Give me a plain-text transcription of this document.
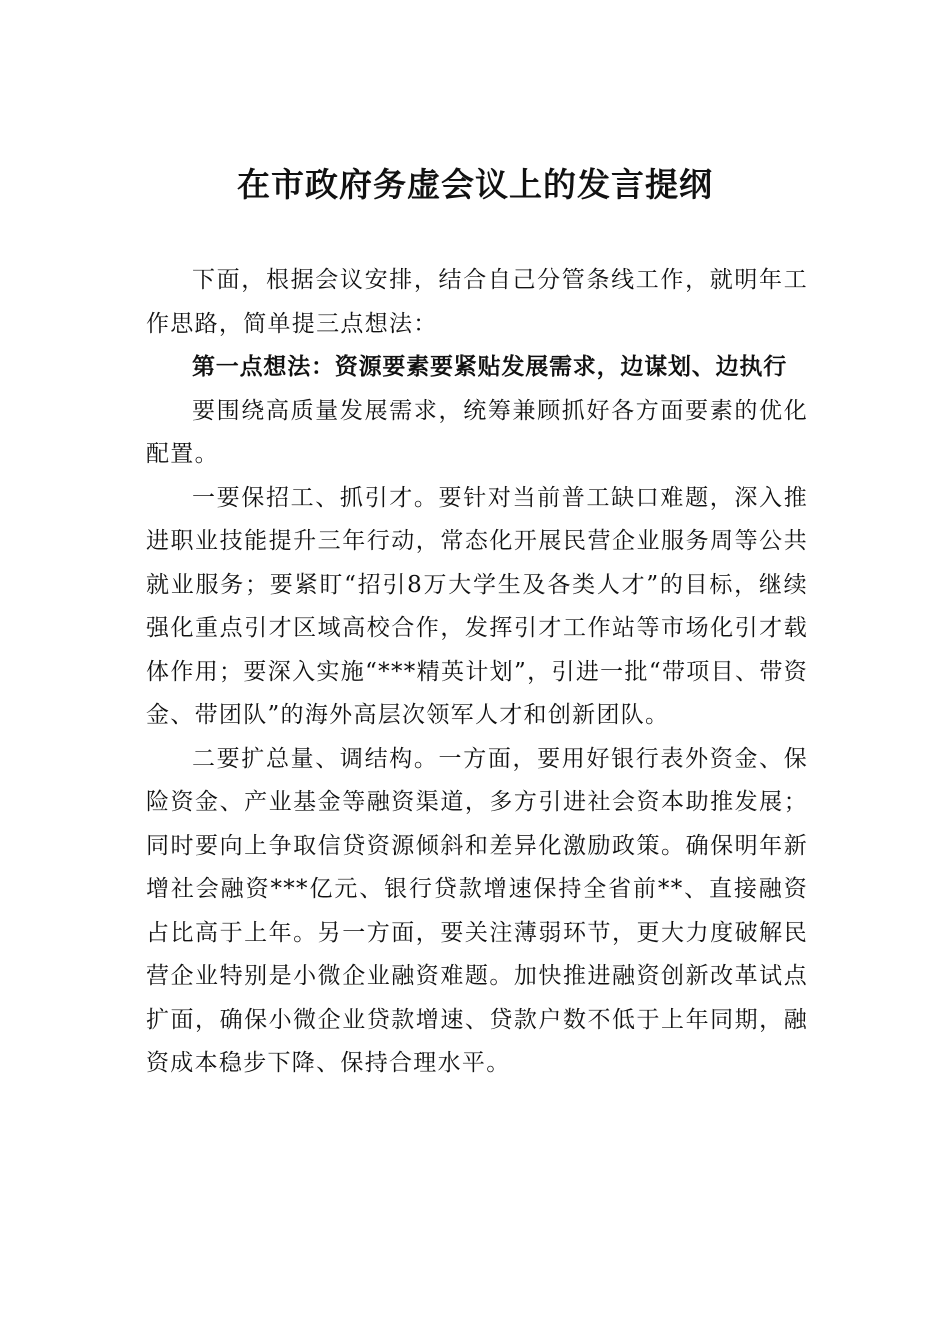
在市政府务虚会议上的发言提纲

下面，根据会议安排，结合自己分管条线工作，就明年工作思路，简单提三点想法：

第一点想法：资源要素要紧贴发展需求，边谋划、边执行

要围绕高质量发展需求，统筹兼顾抓好各方面要素的优化配置。

一要保招工、抓引才。要针对当前普工缺口难题，深入推进职业技能提升三年行动，常态化开展民营企业服务周等公共就业服务；要紧盯“招引8万大学生及各类人才”的目标，继续强化重点引才区域高校合作，发挥引才工作站等市场化引才载体作用；要深入实施“***精英计划”，引进一批“带项目、带资金、带团队”的海外高层次领军人才和创新团队。

二要扩总量、调结构。一方面，要用好银行表外资金、保险资金、产业基金等融资渠道，多方引进社会资本助推发展；同时要向上争取信贷资源倾斜和差异化激励政策。确保明年新增社会融资***亿元、银行贷款增速保持全省前**、直接融资占比高于上年。另一方面，要关注薄弱环节，更大力度破解民营企业特别是小微企业融资难题。加快推进融资创新改革试点扩面，确保小微企业贷款增速、贷款户数不低于上年同期，融资成本稳步下降、保持合理水平。
